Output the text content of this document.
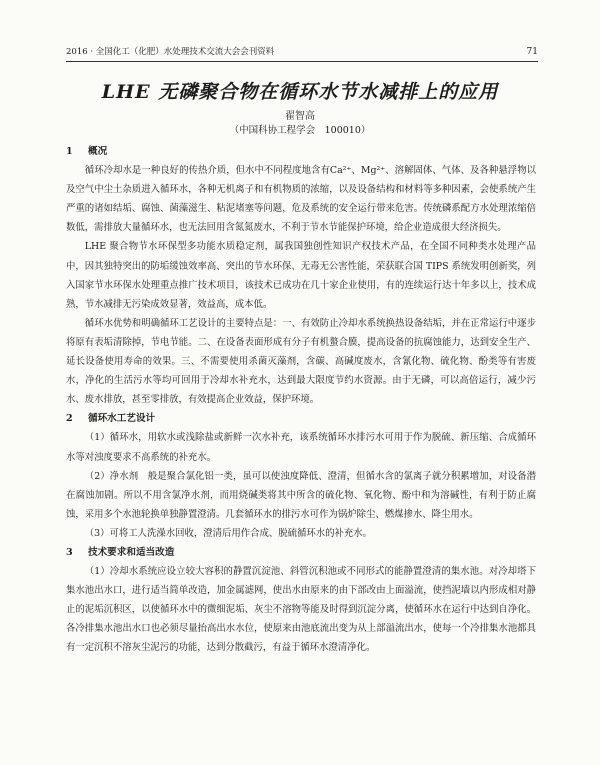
2016 · 全国化工（化肥）水处理技术交流大会会刊资料	71
LHE 无磷聚合物在循环水节水减排上的应用
翟智高
（中国科协工程学会　100010）
1 概况

循环冷却水是一种良好的传热介质，但水中不同程度地含有Ca²⁺、Mg²⁺、溶解固体、气体、及各种悬浮物以及空气中尘土杂质进入循环水，各种无机离子和有机物质的浓缩，以及设备结构和材料等多种因素，会使系统产生严重的诸如结垢、腐蚀、菌藻滋生、粘泥堵塞等问题，危及系统的安全运行带来危害。传统磷系配方水处理浓缩倍数低，需排放大量循环水，也无法回用含氮氮废水，不利于节水节能保护环境，给企业造成很大经济损失。

LHE 聚合物节水环保型多功能水质稳定剂，属我国独创性知识产权技术产品，在全国不同种类水处理产品中，因其独特突出的防垢缓蚀效率高、突出的节水环保、无毒无公害性能，荣获联合国 TIPS 系统发明创新奖，列入国家节水环保水处理重点推广技术项目，该技术已成功在几十家企业使用，有的连续运行达十年多以上，技术成熟，节水减排无污染成效显著，效益高，成本低。

循环水优势和明确循环工艺设计的主要特点是：一、有效防止冷却水系统换热设备结垢，并在正常运行中逐步将原有表垢清除掉，节电节能。二、在设备表面形成有分子有机螯合膜，提高设备的抗腐蚀能力，达到安全生产、延长设备使用寿命的效果。三、不需要使用杀菌灭藻剂，含碳、高碱度废水，含氰化物、硫化物、酚类等有害废水，净化的生活污水等均可回用于冷却水补充水，达到最大限度节约水资源。由于无磷，可以高倍运行，减少污水、废水排放，甚至零排放，有效提高企业效益，保护环境。

2 循环水工艺设计

（1）循环水，用软水或浅除盐或新鲜一次水补充，该系统循环水排污水可用于作为脱硫、新压缩、合成循环水等对浊度要求不高系统的补充水。

（2）净水剂　般是聚合氯化铝一类，虽可以使浊度降低、澄清，但循水含的氯离子就分积累增加，对设备潜在腐蚀加剧。所以不用含氯净水剂，而用烧碱类将其中所含的硫化物、氧化物、酚中和为溶碱性，有利于防止腐蚀，采用多个水池轮换单独静置澄清。几套循环水的排污水可作为锅炉除尘、燃煤掺水、降尘用水。

（3）可将工人洗澡水回收，澄清后用作合成、脱硫循环水的补充水。

3 技术要求和适当改造

（1）冷却水系统应设立较大容积的静置沉淀池、斜管沉积池或不同形式的能静置澄清的集水池。对冷却塔下集水池出水口，进行适当简单改造，加金属滤网，使出水由原来的由下部改由上面溢流，使挡泥墙以内形成相对静止的泥垢沉积区，以使循环水中的微细泥垢、灰尘不溶物等能及时得到沉淀分离，使循环水在运行中达到自净化。各冷排集水池出水口也必须尽量抬高出水水位，使原来由池底流出变为从上部溢流出水，使每一个冷排集水池都具有一定沉积不溶灰尘泥污的功能，达到分散截污，有益于循环水澄清净化。
